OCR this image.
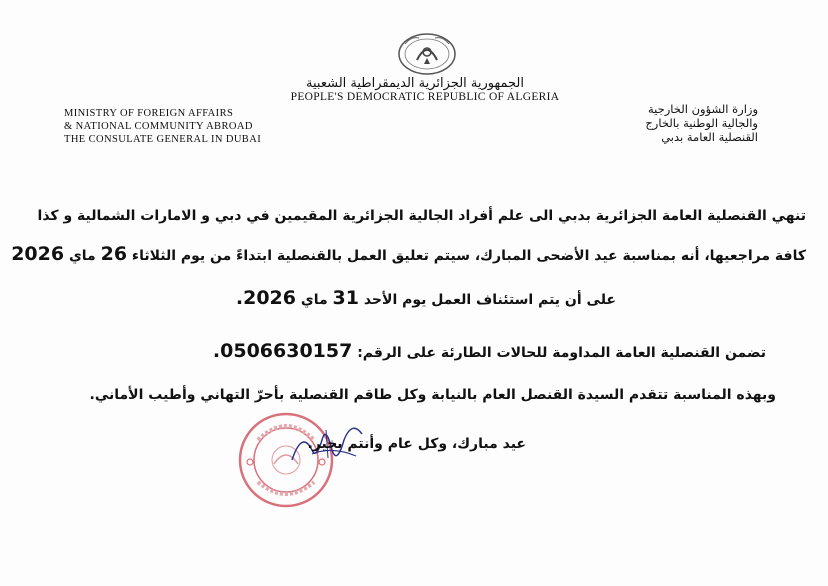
الجمهورية الجزائرية الديمقراطية الشعبية
PEOPLE'S DEMOCRATIC REPUBLIC OF ALGERIA
MINISTRY OF FOREIGN AFFAIRS
& NATIONAL COMMUNITY ABROAD
THE CONSULATE GENERAL IN DUBAI
وزارة الشؤون الخارجية
والجالية الوطنية بالخارج
القنصلية العامة بدبي
تنهي القنصلية العامة الجزائرية بدبي الى علم أفراد الجالية الجزائرية المقيمين في دبي و الامارات الشمالية و كذا
كافة مراجعيها، أنه بمناسبة عيد الأضحى المبارك، سيتم تعليق العمل بالقنصلية ابتداءً من يوم الثلاثاء 26 ماي 2026
على أن يتم استئناف العمل يوم الأحد 31 ماي 2026.
تضمن القنصلية العامة المداومة للحالات الطارئة على الرقم: 0506630157.
وبهذه المناسبة تتقدم السيدة القنصل العام بالنيابة وكل طاقم القنصلية بأحرّ التهاني وأطيب الأماني.
عيد مبارك، وكل عام وأنتم بخير.
